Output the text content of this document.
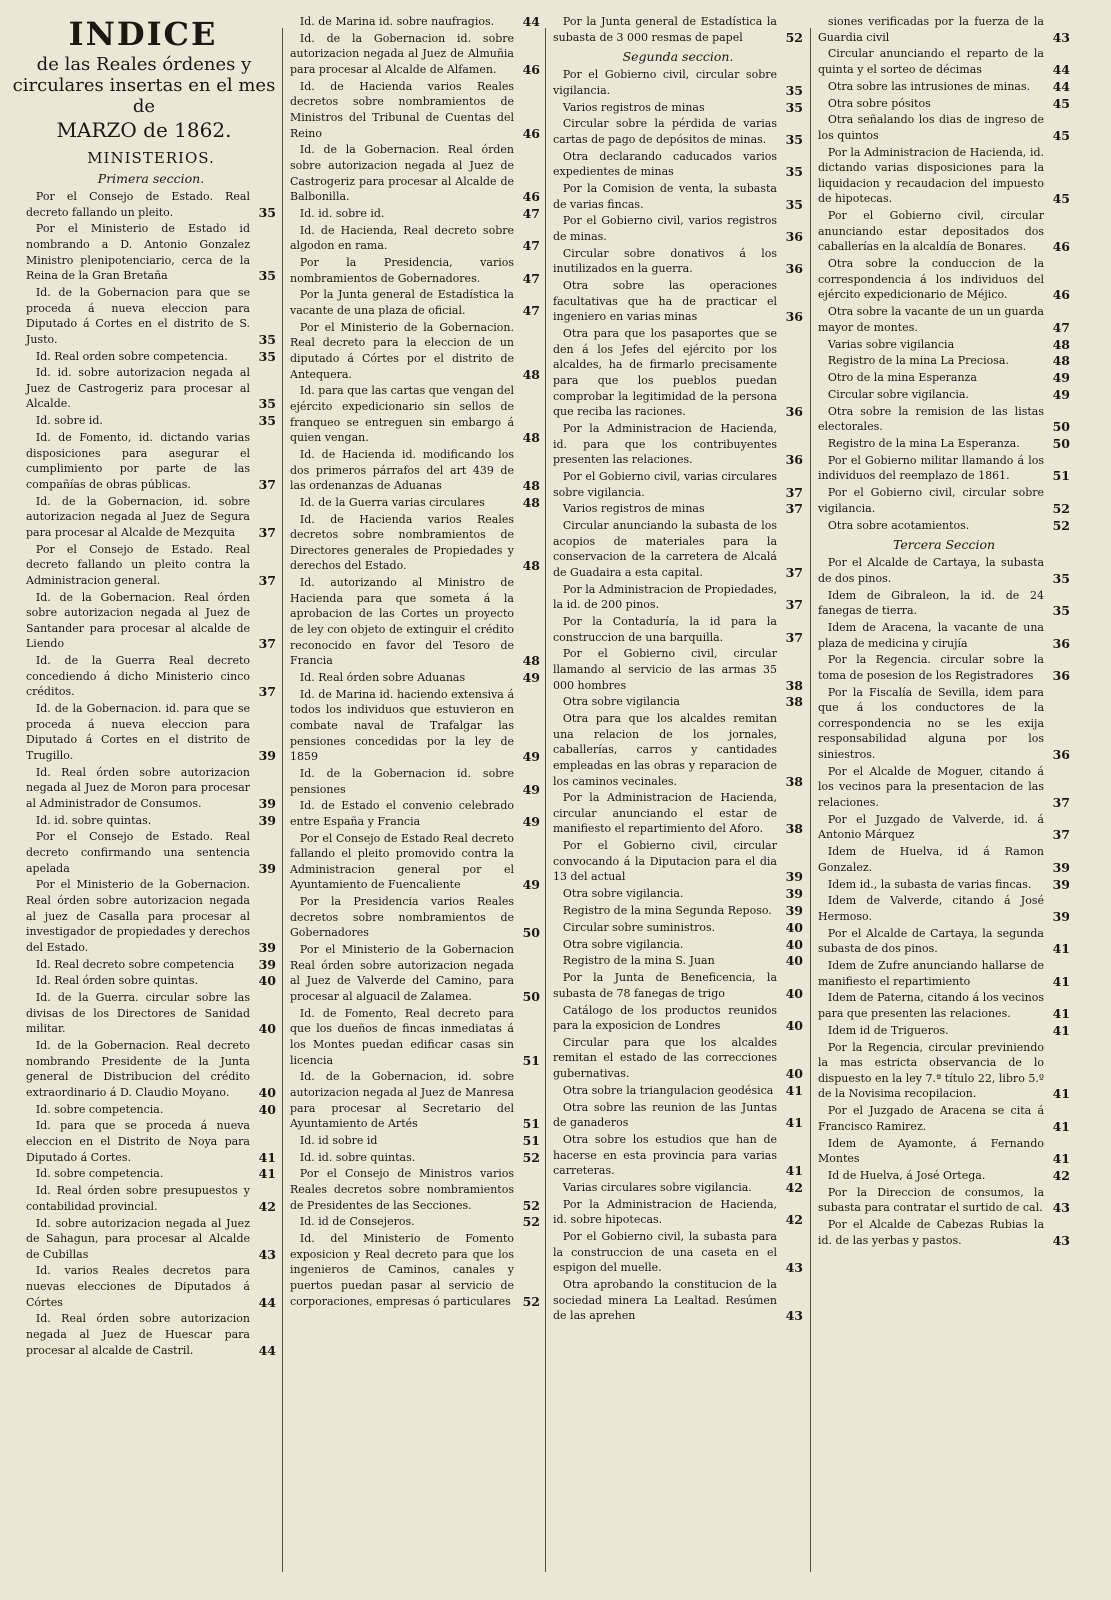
INDICE
de las Reales órdenes y circulares insertas en el mes de
MARZO de 1862.
MINISTERIOS.
Primera seccion.
Por el Consejo de Estado. Real decreto fallando un pleito.	35
Por el Ministerio de Estado id nombrando a D. Antonio Gonzalez Ministro plenipotenciario, cerca de la Reina de la Gran Bretaña	35
Id. de la Gobernacion para que se proceda á nueva eleccion para Diputado á Cortes en el distrito de S. Justo.	35
Id. Real orden sobre competencia.	35
Id. id. sobre autorizacion negada al Juez de Castrogeriz para procesar al Alcalde.	35
Id. sobre id.	35
Id. de Fomento, id. dictando varias disposiciones para asegurar el cumplimiento por parte de las compañías de obras públicas.	37
Id. de la Gobernacion, id. sobre autorizacion negada al Juez de Segura para procesar al Alcalde de Mezquita	37
Por el Consejo de Estado. Real decreto fallando un pleito contra la Administracion general.	37
Id. de la Gobernacion. Real órden sobre autorizacion negada al Juez de Santander para procesar al alcalde de Liendo	37
Id. de la Guerra Real decreto concediendo á dicho Ministerio cinco créditos.	37
Id. de la Gobernacion. id. para que se proceda á nueva eleccion para Diputado á Cortes en el distrito de Trugillo.	39
Id. Real órden sobre autorizacion negada al Juez de Moron para procesar al Administrador de Consumos.	39
Id. id. sobre quintas.	39
Por el Consejo de Estado. Real decreto confirmando una sentencia apelada	39
Por el Ministerio de la Gobernacion. Real órden sobre autorizacion negada al juez de Casalla para procesar al investigador de propiedades y derechos del Estado.	39
Id. Real decreto sobre competencia	39
Id. Real órden sobre quintas.	40
Id. de la Guerra. circular sobre las divisas de los Directores de Sanidad militar.	40
Id. de la Gobernacion. Real decreto nombrando Presidente de la Junta general de Distribucion del crédito extraordinario á D. Claudio Moyano.	40
Id. sobre competencia.	40
Id. para que se proceda á nueva eleccion en el Distrito de Noya para Diputado á Cortes.	41
Id. sobre competencia.	41
Id. Real órden sobre presupuestos y contabilidad provincial.	42
Id. sobre autorizacion negada al Juez de Sahagun, para procesar al Alcalde de Cubillas	43
Id. varios Reales decretos para nuevas elecciones de Diputados á Córtes	44
Id. Real órden sobre autorizacion negada al Juez de Huescar para procesar al alcalde de Castril.	44
Id. de Marina id. sobre naufragios.	44
Id. de la Gobernacion id. sobre autorizacion negada al Juez de Almuñia para procesar al Alcalde de Alfamen.	46
Id. de Hacienda varios Reales decretos sobre nombramientos de Ministros del Tribunal de Cuentas del Reino	46
Id. de la Gobernacion. Real órden sobre autorizacion negada al Juez de Castrogeriz para procesar al Alcalde de Balbonilla.	46
Id. id. sobre id.	47
Id. de Hacienda, Real decreto sobre algodon en rama.	47
Por la Presidencia, varios nombramientos de Gobernadores.	47
Por la Junta general de Estadística la vacante de una plaza de oficial.	47
Por el Ministerio de la Gobernacion. Real decreto para la eleccion de un diputado á Córtes por el distrito de Antequera.	48
Id. para que las cartas que vengan del ejército expedicionario sin sellos de franqueo se entreguen sin embargo á quien vengan.	48
Id. de Hacienda id. modificando los dos primeros párrafos del art 439 de las ordenanzas de Aduanas	48
Id. de la Guerra varias circulares	48
Id. de Hacienda varios Reales decretos sobre nombramientos de Directores generales de Propiedades y derechos del Estado.	48
Id. autorizando al Ministro de Hacienda para que someta á la aprobacion de las Cortes un proyecto de ley con objeto de extinguir el crédito reconocido en favor del Tesoro de Francia	48
Id. Real órden sobre Aduanas	49
Id. de Marina id. haciendo extensiva á todos los individuos que estuvieron en combate naval de Trafalgar las pensiones concedidas por la ley de 1859	49
Id. de la Gobernacion id. sobre pensiones	49
Id. de Estado el convenio celebrado entre España y Francia	49
Por el Consejo de Estado Real decreto fallando el pleito promovido contra la Administracion general por el Ayuntamiento de Fuencaliente	49
Por la Presidencia varios Reales decretos sobre nombramientos de Gobernadores	50
Por el Ministerio de la Gobernacion Real órden sobre autorizacion negada al Juez de Valverde del Camino, para procesar al alguacil de Zalamea.	50
Id. de Fomento, Real decreto para que los dueños de fincas inmediatas á los Montes puedan edificar casas sin licencia	51
Id. de la Gobernacion, id. sobre autorizacion negada al Juez de Manresa para procesar al Secretario del Ayuntamiento de Artés	51
Id. id sobre id	51
Id. id. sobre quintas.	52
Por el Consejo de Ministros varios Reales decretos sobre nombramientos de Presidentes de las Secciones.	52
Id. id de Consejeros.	52
Id. del Ministerio de Fomento exposicion y Real decreto para que los ingenieros de Caminos, canales y puertos puedan pasar al servicio de corporaciones, empresas ó particulares 52
Por la Junta general de Estadística la subasta de 3 000 resmas de papel	52
Segunda seccion.
Por el Gobierno civil, circular sobre vigilancia.	35
Varios registros de minas	35
Circular sobre la pérdida de varias cartas de pago de depósitos de minas.	35
Otra declarando caducados varios expedientes de minas	35
Por la Comision de venta, la subasta de varias fincas.	35
Por el Gobierno civil, varios registros de minas.	36
Circular sobre donativos á los inutilizados en la guerra.	36
Otra sobre las operaciones facultativas que ha de practicar el ingeniero en varias minas	36
Otra para que los pasaportes que se den á los Jefes del ejército por los alcaldes, ha de firmarlo precisamente para que los pueblos puedan comprobar la legitimidad de la persona que reciba las raciones.	36
Por la Administracion de Hacienda, id. para que los contribuyentes presenten las relaciones.	36
Por el Gobierno civil, varias circulares sobre vigilancia.	37
Varios registros de minas	37
Circular anunciando la subasta de los acopios de materiales para la conservacion de la carretera de Alcalá de Guadaira a esta capital.	37
Por la Administracion de Propiedades, la id. de 200 pinos.	37
Por la Contaduría, la id para la construccion de una barquilla.	37
Por el Gobierno civil, circular llamando al servicio de las armas 35 000 hombres	38
Otra sobre vigilancia	38
Otra para que los alcaldes remitan una relacion de los jornales, caballerías, carros y cantidades empleadas en las obras y reparacion de los caminos vecinales.	38
Por la Administracion de Hacienda, circular anunciando el estar de manifiesto el repartimiento del Aforo.	38
Por el Gobierno civil, circular convocando á la Diputacion para el dia 13 del actual	39
Otra sobre vigilancia.	39
Registro de la mina Segunda Reposo.	39
Circular sobre suministros.	40
Otra sobre vigilancia.	40
Registro de la mina S. Juan	40
Por la Junta de Beneficencia, la subasta de 78 fanegas de trigo	40
Catálogo de los productos reunidos para la exposicion de Londres	40
Circular para que los alcaldes remitan el estado de las correcciones gubernativas.	40
Otra sobre la triangulacion geodésica 41
Otra sobre las reunion de las Juntas de ganaderos	41
Otra sobre los estudios que han de hacerse en esta provincia para varias carreteras.	41
Varias circulares sobre vigilancia.	42
Por la Administracion de Hacienda, id. sobre hipotecas.	42
Por el Gobierno civil, la subasta para la construccion de una caseta en el espigon del muelle.	43
Otra aprobando la constitucion de la sociedad minera La Lealtad. Resúmen de las aprehen	43
siones verificadas por la fuerza de la Guardia civil	43
Circular anunciando el reparto de la quinta y el sorteo de décimas	44
Otra sobre las intrusiones de minas.	44
Otra sobre pósitos	45
Otra señalando los dias de ingreso de los quintos	45
Por la Administracion de Hacienda, id. dictando varias disposiciones para la liquidacion y recaudacion del impuesto de hipotecas.	45
Por el Gobierno civil, circular anunciando estar depositados dos caballerías en la alcaldía de Bonares.	46
Otra sobre la conduccion de la correspondencia á los individuos del ejército expedicionario de Méjico.	46
Otra sobre la vacante de un un guarda mayor de montes.	47
Varias sobre vigilancia	48
Registro de la mina La Preciosa.	48
Otro de la mina Esperanza	49
Circular sobre vigilancia.	49
Otra sobre la remision de las listas electorales.	50
Registro de la mina La Esperanza.	50
Por el Gobierno militar llamando á los individuos del reemplazo de 1861.	51
Por el Gobierno civil, circular sobre vigilancia.	52
Otra sobre acotamientos.	52
Tercera Seccion
Por el Alcalde de Cartaya, la subasta de dos pinos.	35
Idem de Gibraleon, la id. de 24 fanegas de tierra.	35
Idem de Aracena, la vacante de una plaza de medicina y cirujía	36
Por la Regencia. circular sobre la toma de posesion de los Registradores	36
Por la Fiscalía de Sevilla, idem para que á los conductores de la correspondencia no se les exija responsabilidad alguna por los siniestros.	36
Por el Alcalde de Moguer, citando á los vecinos para la presentacion de las relaciones.	37
Por el Juzgado de Valverde, id. á Antonio Márquez	37
Idem de Huelva, id á Ramon Gonzalez.	39
Idem id., la subasta de varias fincas.	39
Idem de Valverde, citando á José Hermoso.	39
Por el Alcalde de Cartaya, la segunda subasta de dos pinos.	41
Idem de Zufre anunciando hallarse de manifiesto el repartimiento	41
Idem de Paterna, citando á los vecinos para que presenten las relaciones.	41
Idem id de Trigueros.	41
Por la Regencia, circular previniendo la mas estricta observancia de lo dispuesto en la ley 7.ª título 22, libro 5.º de la Novisima recopilacion.	41
Por el Juzgado de Aracena se cita á Francisco Ramirez.	41
Idem de Ayamonte, á Fernando Montes	41
Id de Huelva, á José Ortega.	42
Por la Direccion de consumos, la subasta para contratar el surtido de cal. 43
Por el Alcalde de Cabezas Rubias la id. de las yerbas y pastos.	43
